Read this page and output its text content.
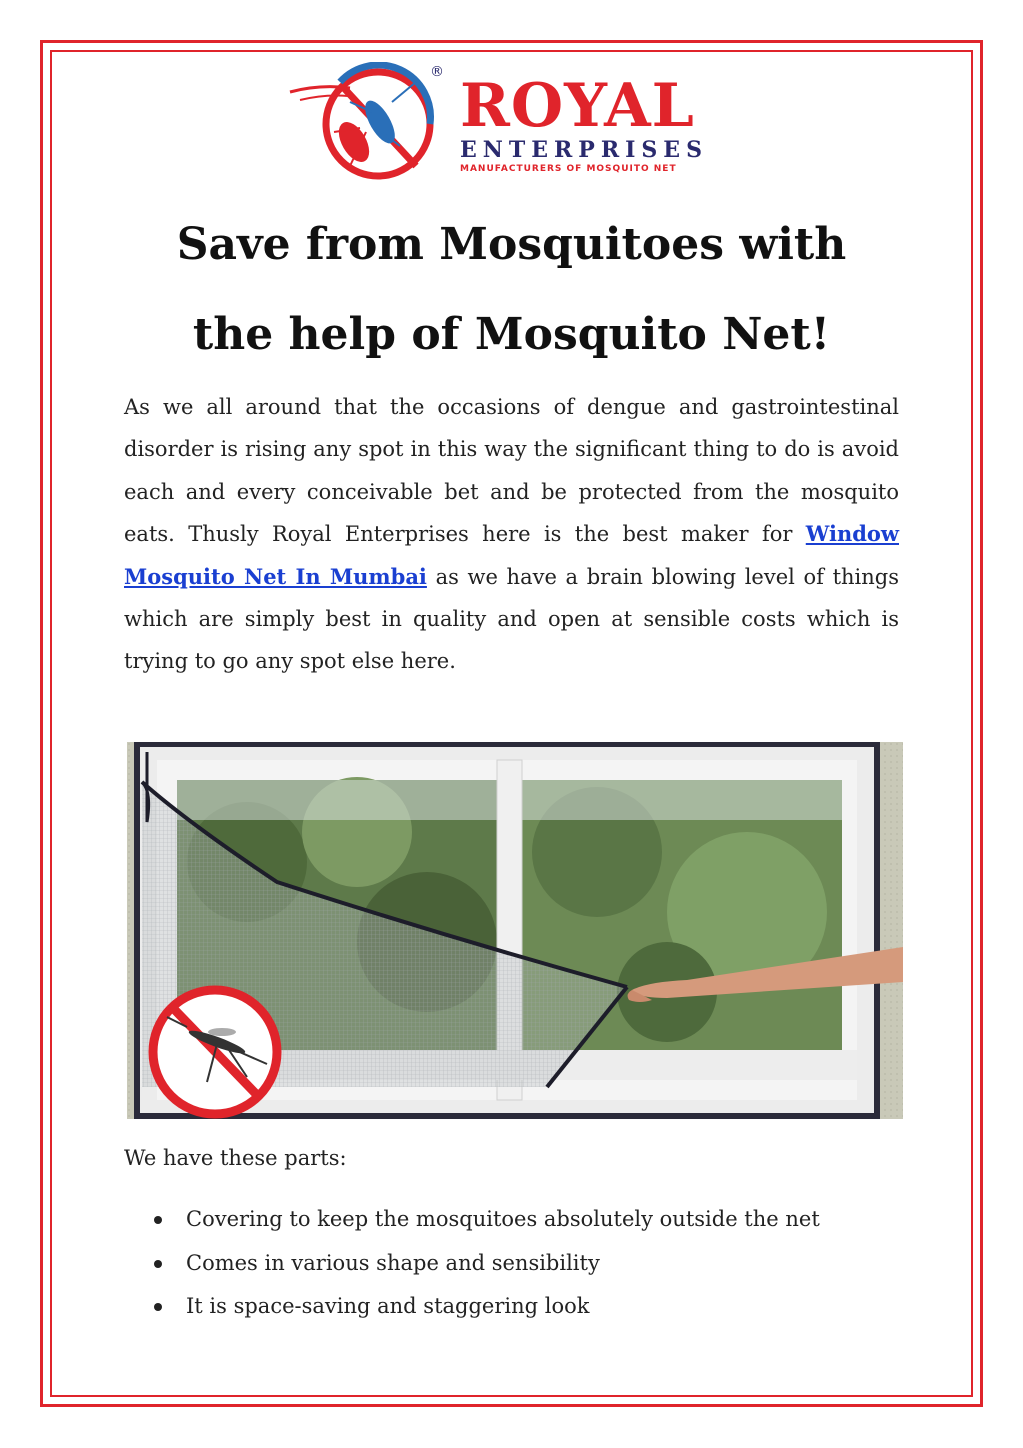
® ROYAL
ENTERPRISES
MANUFACTURERS OF MOSQUITO NET
Save from Mosquitoes with
the help of Mosquito Net!

As we all around that the occasions of dengue and gastrointestinal disorder is rising any spot in this way the significant thing to do is avoid each and every conceivable bet and be protected from the mosquito eats. Thusly Royal Enterprises here is the best maker for Window Mosquito Net In Mumbai as we have a brain blowing level of things which are simply best in quality and open at sensible costs which is trying to go any spot else here.

We have these parts:

Covering to keep the mosquitoes absolutely outside the net
Comes in various shape and sensibility
It is space-saving and staggering look
